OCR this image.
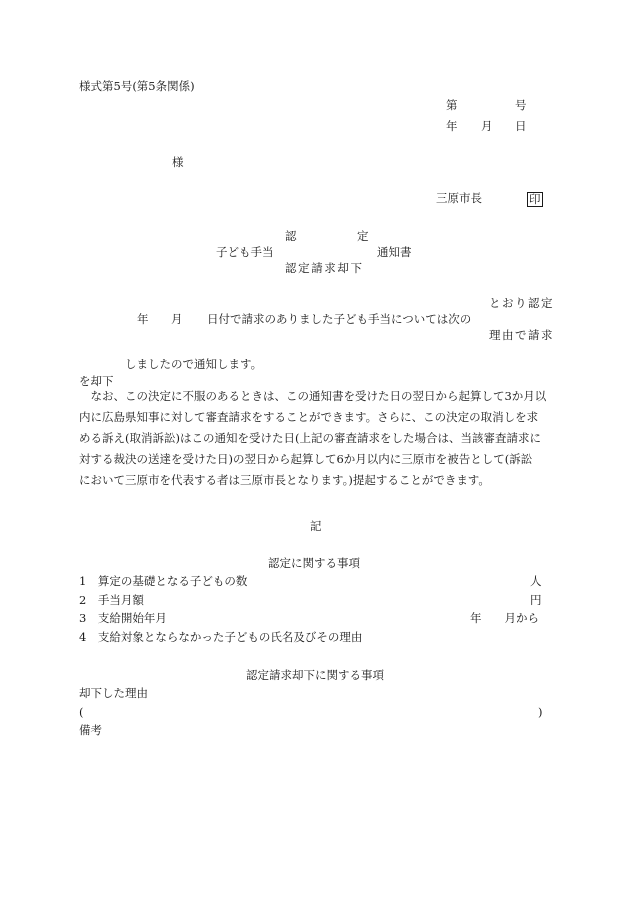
様式第5号(第5条関係)
第	号
年 月 日
様
三原市長	印
認　　　　　定
子ども手当	通知書
認定請求却下
とおり認定
年 月 日付で請求のありました子ども手当については次の
理由で請求
しましたので通知します。
を却下
　なお、この決定に不服のあるときは、この通知書を受けた日の翌日から起算して3か月以
内に広島県知事に対して審査請求をすることができます。さらに、この決定の取消しを求
める訴え(取消訴訟)はこの通知を受けた日(上記の審査請求をした場合は、当該審査請求に
対する裁決の送達を受けた日)の翌日から起算して6か月以内に三原市を被告として(訴訟
において三原市を代表する者は三原市長となります。)提起することができます。
記
認定に関する事項
1　算定の基礎となる子どもの数	人
2　手当月額	円
3　支給開始年月	年　　月から
4　支給対象とならなかった子どもの氏名及びその理由
認定請求却下に関する事項
却下した理由
(	)
備考
